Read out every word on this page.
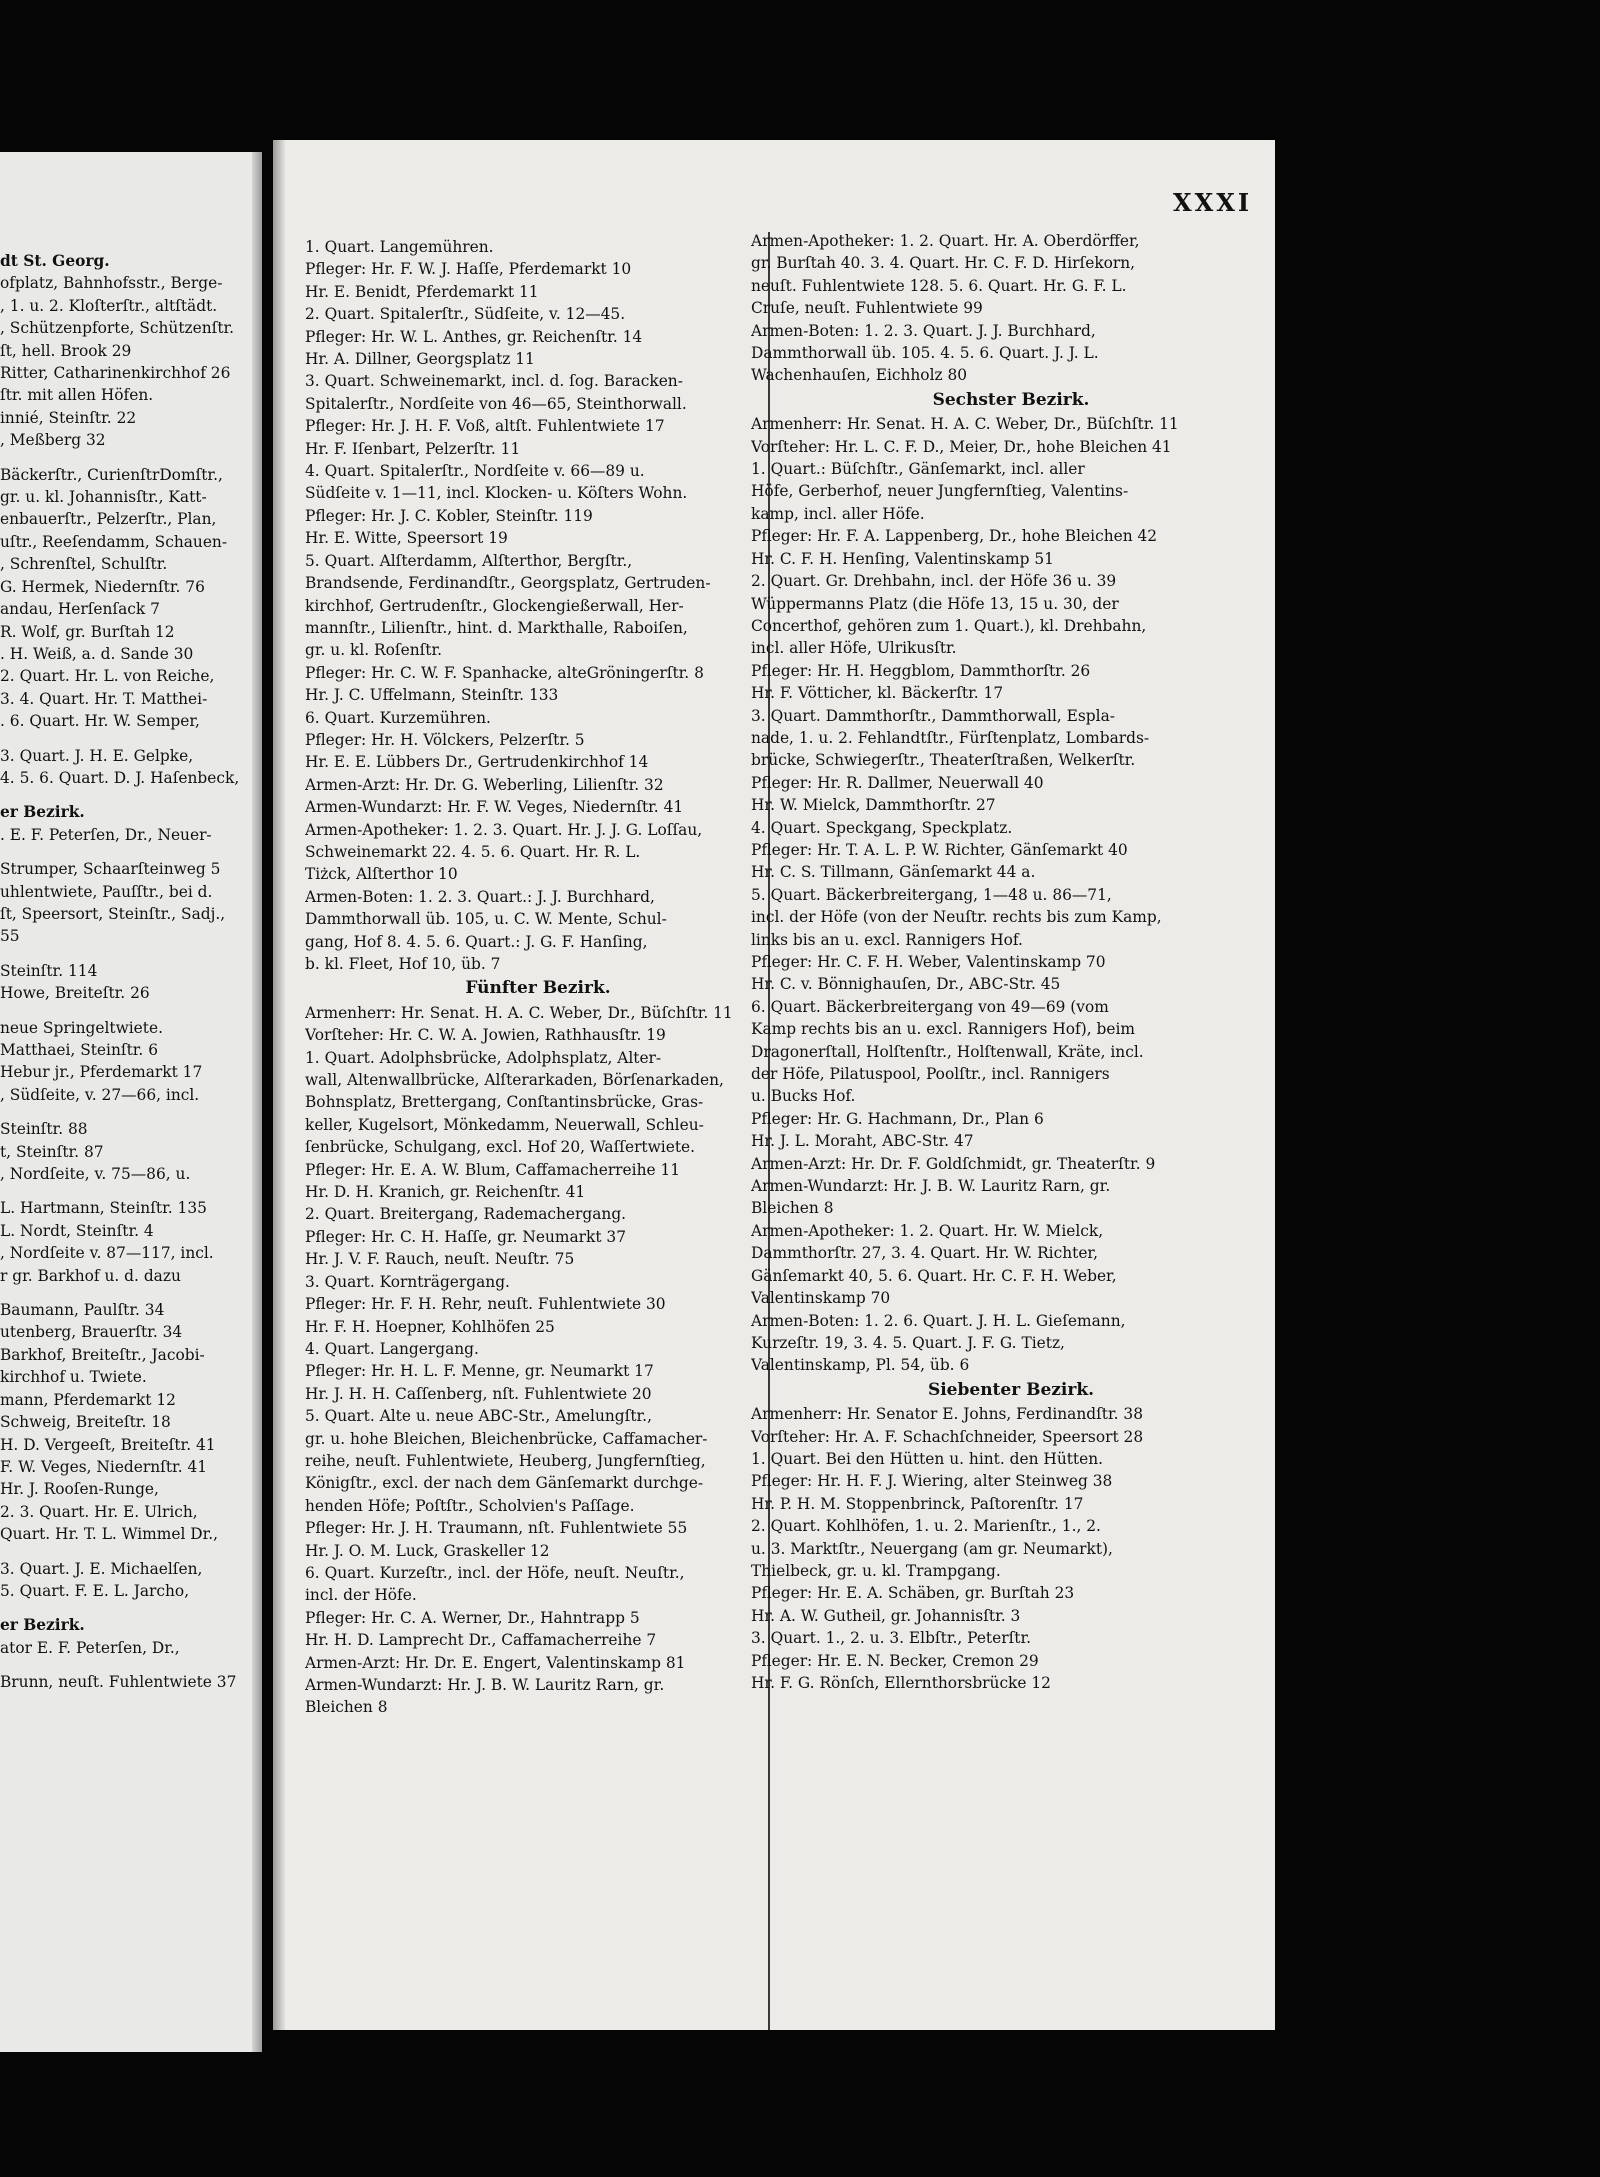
dt St. Georg.
ofplatz, Bahnhofsstr., Berge-
, 1. u. 2. Kloſterſtr., altſtädt.
, Schützenpforte, Schützenſtr.
ſt, hell. Brook 29
Ritter, Catharinenkirchhof 26
ſtr. mit allen Höfen.
innié, Steinſtr. 22
, Meßberg 32
Bäckerſtr., CurienſtrDomſtr.,
gr. u. kl. Johannisſtr., Katt-
enbauerſtr., Pelzerſtr., Plan,
uſtr., Reeſendamm, Schauen-
, Schrenſtel, Schulſtr.
G. Hermek, Niedernſtr. 76
andau, Herſenſack 7
R. Wolf, gr. Burſtah 12
. H. Weiß, a. d. Sande 30
2. Quart. Hr. L. von Reiche,
3. 4. Quart. Hr. T. Matthei-
. 6. Quart. Hr. W. Semper,
3. Quart. J. H. E. Gelpke,
4. 5. 6. Quart. D. J. Haſenbeck,
er Bezirk.
. E. F. Peterſen, Dr., Neuer-
Strumper, Schaarſteinweg 5
uhlentwiete, Pauſſtr., bei d.
ſt, Speersort, Steinſtr., Sadj.,
55
Steinſtr. 114
Howe, Breiteſtr. 26
neue Springeltwiete.
Matthaei, Steinſtr. 6
Hebur jr., Pferdemarkt 17
, Südſeite, v. 27—66, incl.
Steinſtr. 88
t, Steinſtr. 87
, Nordſeite, v. 75—86, u.
L. Hartmann, Steinſtr. 135
L. Nordt, Steinſtr. 4
, Nordſeite v. 87—117, incl.
r gr. Barkhof u. d. dazu
Baumann, Paulſtr. 34
utenberg, Brauerſtr. 34
Barkhof, Breiteſtr., Jacobi-
kirchhof u. Twiete.
mann, Pferdemarkt 12
Schweig, Breiteſtr. 18
H. D. Vergeeſt, Breiteſtr. 41
F. W. Veges, Niedernſtr. 41
Hr. J. Rooſen-Runge,
2. 3. Quart. Hr. E. Ulrich,
Quart. Hr. T. L. Wimmel Dr.,
3. Quart. J. E. Michaelſen,
5. Quart. F. E. L. Jarcho,
er Bezirk.
ator E. F. Peterſen, Dr.,
Brunn, neuſt. Fuhlentwiete 37
XXXI
1. Quart. Langemühren.
Pfleger: Hr. F. W. J. Haſſe, Pferdemarkt 10
Hr. E. Benidt, Pferdemarkt 11
2. Quart. Spitalerſtr., Südſeite, v. 12—45.
Pfleger: Hr. W. L. Anthes, gr. Reichenſtr. 14
Hr. A. Dillner, Georgsplatz 11
3. Quart. Schweinemarkt, incl. d. ſog. Baracken-
Spitalerſtr., Nordſeite von 46—65, Steinthorwall.
Pfleger: Hr. J. H. F. Voß, altſt. Fuhlentwiete 17
Hr. F. Iſenbart, Pelzerſtr. 11
4. Quart. Spitalerſtr., Nordſeite v. 66—89 u.
Südſeite v. 1—11, incl. Klocken- u. Köſters Wohn.
Pfleger: Hr. J. C. Kobler, Steinſtr. 119
Hr. E. Witte, Speersort 19
5. Quart. Alſterdamm, Alſterthor, Bergſtr.,
Brandsende, Ferdinandſtr., Georgsplatz, Gertruden-
kirchhof, Gertrudenſtr., Glockengießerwall, Her-
mannſtr., Lilienſtr., hint. d. Markthalle, Raboiſen,
gr. u. kl. Roſenſtr.
Pfleger: Hr. C. W. F. Spanhacke, alteGröningerſtr. 8
Hr. J. C. Uffelmann, Steinſtr. 133
6. Quart. Kurzemühren.
Pfleger: Hr. H. Völckers, Pelzerſtr. 5
Hr. E. E. Lübbers Dr., Gertrudenkirchhof 14
Armen-Arzt: Hr. Dr. G. Weberling, Lilienſtr. 32
Armen-Wundarzt: Hr. F. W. Veges, Niedernſtr. 41
Armen-Apotheker: 1. 2. 3. Quart. Hr. J. J. G. Loſſau,
Schweinemarkt 22. 4. 5. 6. Quart. Hr. R. L.
Tiżck, Alſterthor 10
Armen-Boten: 1. 2. 3. Quart.: J. J. Burchhard,
Dammthorwall üb. 105, u. C. W. Mente, Schul-
gang, Hof 8. 4. 5. 6. Quart.: J. G. F. Hanſing,
b. kl. Fleet, Hof 10, üb. 7
Fünfter Bezirk.
Armenherr: Hr. Senat. H. A. C. Weber, Dr., Büſchſtr. 11
Vorſteher: Hr. C. W. A. Jowien, Rathhausſtr. 19
1. Quart. Adolphsbrücke, Adolphsplatz, Alter-
wall, Altenwallbrücke, Alſterarkaden, Börſenarkaden,
Bohnsplatz, Brettergang, Conſtantinsbrücke, Gras-
keller, Kugelsort, Mönkedamm, Neuerwall, Schleu-
ſenbrücke, Schulgang, excl. Hof 20, Waſſertwiete.
Pfleger: Hr. E. A. W. Blum, Caffamacherreihe 11
Hr. D. H. Kranich, gr. Reichenſtr. 41
2. Quart. Breitergang, Rademachergang.
Pfleger: Hr. C. H. Haſſe, gr. Neumarkt 37
Hr. J. V. F. Rauch, neuſt. Neuſtr. 75
3. Quart. Kornträgergang.
Pfleger: Hr. F. H. Rehr, neuſt. Fuhlentwiete 30
Hr. F. H. Hoepner, Kohlhöfen 25
4. Quart. Langergang.
Pfleger: Hr. H. L. F. Menne, gr. Neumarkt 17
Hr. J. H. H. Caſſenberg, nſt. Fuhlentwiete 20
5. Quart. Alte u. neue ABC-Str., Amelungſtr.,
gr. u. hohe Bleichen, Bleichenbrücke, Caffamacher-
reihe, neuſt. Fuhlentwiete, Heuberg, Jungfernſtieg,
Königſtr., excl. der nach dem Gänſemarkt durchge-
henden Höfe; Poſtſtr., Scholvien's Paſſage.
Pfleger: Hr. J. H. Traumann, nſt. Fuhlentwiete 55
Hr. J. O. M. Luck, Graskeller 12
6. Quart. Kurzeſtr., incl. der Höfe, neuſt. Neuſtr.,
incl. der Höfe.
Pfleger: Hr. C. A. Werner, Dr., Hahntrapp 5
Hr. H. D. Lamprecht Dr., Caffamacherreihe 7
Armen-Arzt: Hr. Dr. E. Engert, Valentinskamp 81
Armen-Wundarzt: Hr. J. B. W. Lauritz Rarn, gr.
Bleichen 8
Armen-Apotheker: 1. 2. Quart. Hr. A. Oberdörffer,
gr. Burſtah 40. 3. 4. Quart. Hr. C. F. D. Hirſekorn,
neuſt. Fuhlentwiete 128. 5. 6. Quart. Hr. G. F. L.
Cruſe, neuſt. Fuhlentwiete 99
Armen-Boten: 1. 2. 3. Quart. J. J. Burchhard,
Dammthorwall üb. 105. 4. 5. 6. Quart. J. J. L.
Wachenhauſen, Eichholz 80
Sechster Bezirk.
Armenherr: Hr. Senat. H. A. C. Weber, Dr., Büſchſtr. 11
Vorſteher: Hr. L. C. F. D., Meier, Dr., hohe Bleichen 41
1. Quart.: Büſchſtr., Gänſemarkt, incl. aller
Höfe, Gerberhof, neuer Jungfernſtieg, Valentins-
kamp, incl. aller Höfe.
Pfleger: Hr. F. A. Lappenberg, Dr., hohe Bleichen 42
Hr. C. F. H. Henſing, Valentinskamp 51
2. Quart. Gr. Drehbahn, incl. der Höfe 36 u. 39
Wüppermanns Platz (die Höfe 13, 15 u. 30, der
Concerthof, gehören zum 1. Quart.), kl. Drehbahn,
incl. aller Höfe, Ulrikusſtr.
Pfleger: Hr. H. Heggblom, Dammthorſtr. 26
Hr. F. Vötticher, kl. Bäckerſtr. 17
3. Quart. Dammthorſtr., Dammthorwall, Espla-
nade, 1. u. 2. Fehlandtſtr., Fürſtenplatz, Lombards-
brücke, Schwiegerſtr., Theaterſtraßen, Welkerſtr.
Pfleger: Hr. R. Dallmer, Neuerwall 40
Hr. W. Mielck, Dammthorſtr. 27
4. Quart. Speckgang, Speckplatz.
Pfleger: Hr. T. A. L. P. W. Richter, Gänſemarkt 40
Hr. C. S. Tillmann, Gänſemarkt 44 a.
5. Quart. Bäckerbreitergang, 1—48 u. 86—71,
incl. der Höfe (von der Neuſtr. rechts bis zum Kamp,
links bis an u. excl. Rannigers Hof.
Pfleger: Hr. C. F. H. Weber, Valentinskamp 70
Hr. C. v. Bönnighauſen, Dr., ABC-Str. 45
6. Quart. Bäckerbreitergang von 49—69 (vom
Kamp rechts bis an u. excl. Rannigers Hof), beim
Dragonerſtall, Holſtenſtr., Holſtenwall, Kräte, incl.
der Höfe, Pilatuspool, Poolſtr., incl. Rannigers
u. Bucks Hof.
Pfleger: Hr. G. Hachmann, Dr., Plan 6
Hr. J. L. Moraht, ABC-Str. 47
Armen-Arzt: Hr. Dr. F. Goldſchmidt, gr. Theaterſtr. 9
Armen-Wundarzt: Hr. J. B. W. Lauritz Rarn, gr.
Bleichen 8
Armen-Apotheker: 1. 2. Quart. Hr. W. Mielck,
Dammthorſtr. 27, 3. 4. Quart. Hr. W. Richter,
Gänſemarkt 40, 5. 6. Quart. Hr. C. F. H. Weber,
Valentinskamp 70
Armen-Boten: 1. 2. 6. Quart. J. H. L. Gieſemann,
Kurzeſtr. 19, 3. 4. 5. Quart. J. F. G. Tietz,
Valentinskamp, Pl. 54, üb. 6
Siebenter Bezirk.
Armenherr: Hr. Senator E. Johns, Ferdinandſtr. 38
Vorſteher: Hr. A. F. Schachſchneider, Speersort 28
1. Quart. Bei den Hütten u. hint. den Hütten.
Pfleger: Hr. H. F. J. Wiering, alter Steinweg 38
Hr. P. H. M. Stoppenbrinck, Paſtorenſtr. 17
2. Quart. Kohlhöfen, 1. u. 2. Marienſtr., 1., 2.
u. 3. Marktſtr., Neuergang (am gr. Neumarkt),
Thielbeck, gr. u. kl. Trampgang.
Pfleger: Hr. E. A. Schäben, gr. Burſtah 23
Hr. A. W. Gutheil, gr. Johannisſtr. 3
3. Quart. 1., 2. u. 3. Elbſtr., Peterſtr.
Pfleger: Hr. E. N. Becker, Cremon 29
Hr. F. G. Rönſch, Ellernthorsbrücke 12
